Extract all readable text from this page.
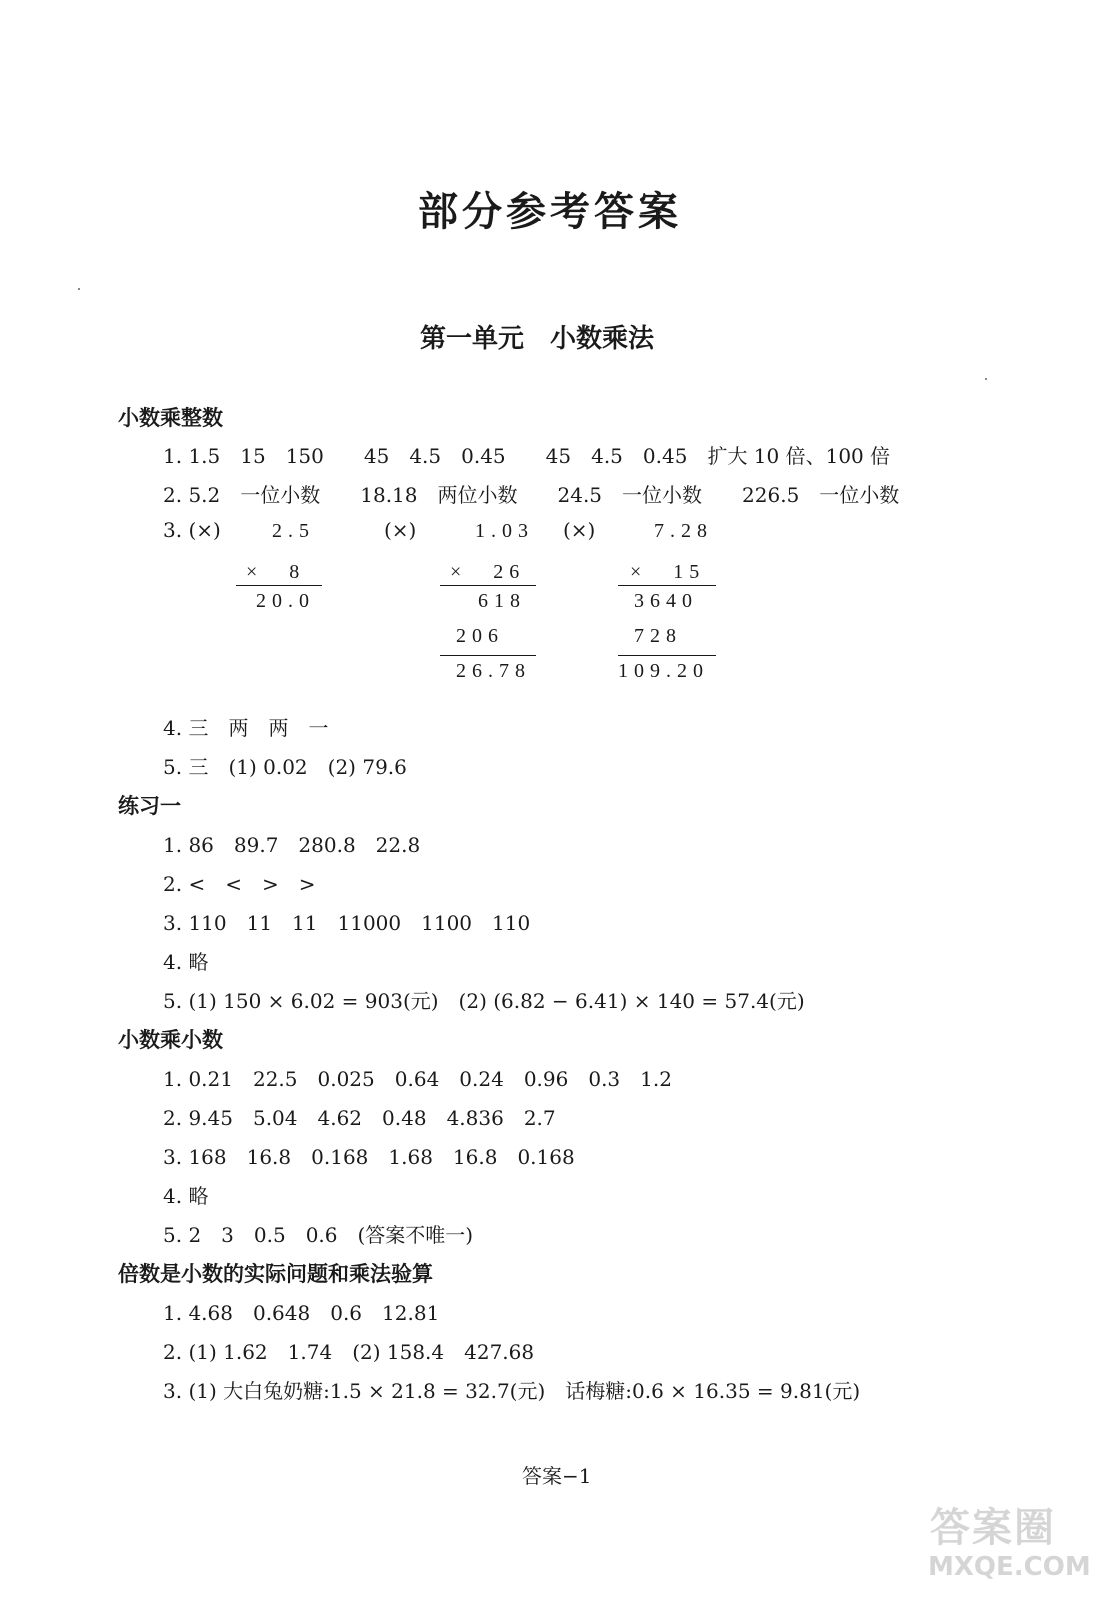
部分参考答案
第一单元　小数乘法
小数乘整数
1. 1.5　15　150　　45　4.5　0.45　　45　4.5　0.45　扩大 10 倍、100 倍
2. 5.2　一位小数　　18.18　两位小数　　24.5　一位小数　　226.5　一位小数
3. (×)	(×)	(×)
2.5
×　8
20.0
1.03
×　26
618
206
26.78
7.28
×　15
3640
728
109.20
4. 三　两　两　一
5. 三　(1) 0.02　(2) 79.6
练习一
1. 86　89.7　280.8　22.8
2. <　<　>　>
3. 110　11　11　11000　1100　110
4. 略
5. (1) 150 × 6.02 = 903(元)　(2) (6.82 − 6.41) × 140 = 57.4(元)
小数乘小数
1. 0.21　22.5　0.025　0.64　0.24　0.96　0.3　1.2
2. 9.45　5.04　4.62　0.48　4.836　2.7
3. 168　16.8　0.168　1.68　16.8　0.168
4. 略
5. 2　3　0.5　0.6　(答案不唯一)
倍数是小数的实际问题和乘法验算
1. 4.68　0.648　0.6　12.81
2. (1) 1.62　1.74　(2) 158.4　427.68
3. (1) 大白兔奶糖:1.5 × 21.8 = 32.7(元)　话梅糖:0.6 × 16.35 = 9.81(元)
答案−1
答案圈
MXQE.COM
